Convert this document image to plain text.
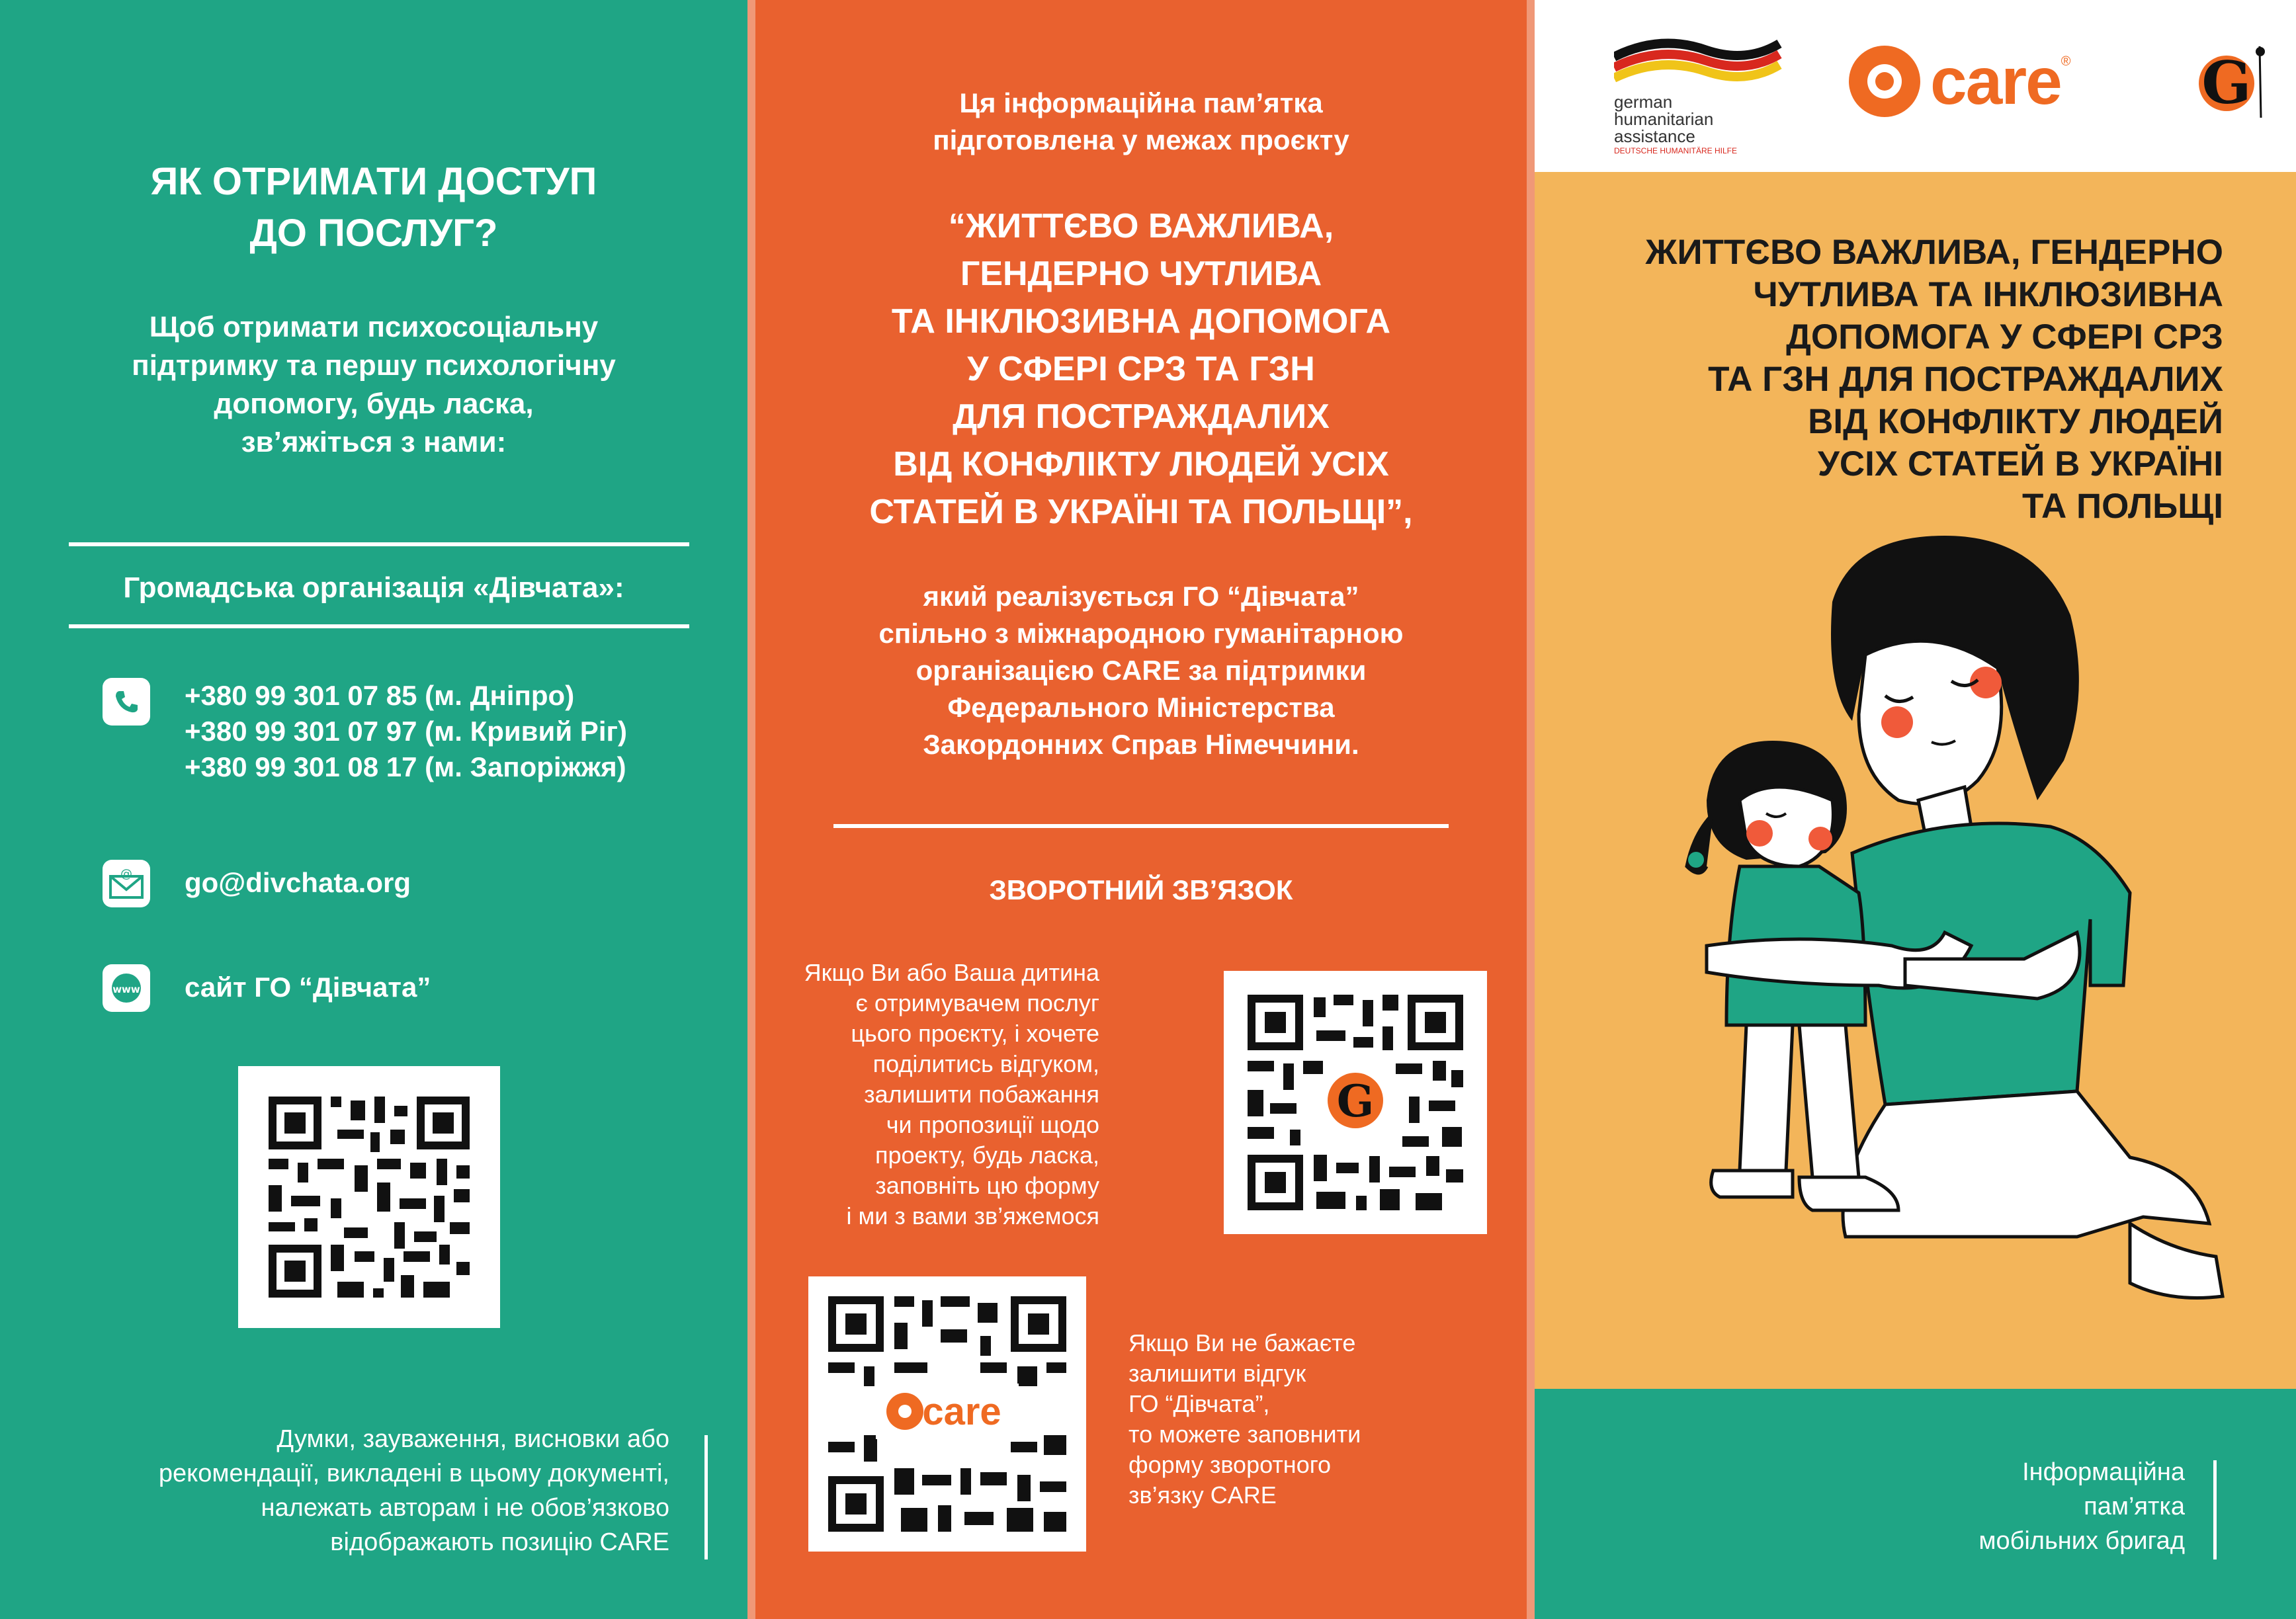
ЯК ОТРИМАТИ ДОСТУП
ДО ПОСЛУГ?
Щоб отримати психосоціальну
підтримку та першу психологічну
допомогу, будь ласка,
зв’яжіться з нами:
Громадська організація «Дівчата»:
+380 99 301 07 85 (м. Дніпро)
+380 99 301 07 97 (м. Кривий Ріг)
+380 99 301 08 17 (м. Запоріжжя)
@ go@divchata.org
www сайт ГО “Дівчата”
Думки, зауваження, висновки або
рекомендації, викладені в цьому документі,
належать авторам і не обов’язково
відображають позицію CARE
Ця інформаційна пам’ятка
підготовлена у межах проєкту
“ЖИТТЄВО ВАЖЛИВА,
ГЕНДЕРНО ЧУТЛИВА
ТА ІНКЛЮЗИВНА ДОПОМОГА
У СФЕРІ СРЗ ТА ГЗН
ДЛЯ ПОСТРАЖДАЛИХ
ВІД КОНФЛІКТУ ЛЮДЕЙ УСІХ
СТАТЕЙ В УКРАЇНІ ТА ПОЛЬЩІ”,
який реалізується ГО “Дівчата”
спільно з міжнародною гуманітарною
організацією CARE за підтримки
Федерального Міністерства
Закордонних Справ Німеччини.
ЗВОРОТНИЙ ЗВ’ЯЗОК
Якщо Ви або Ваша дитина
є отримувачем послуг
цього проєкту, і хочете
поділитись відгуком,
залишити побажання
чи пропозиції щодо
проекту, будь ласка,
заповніть цю форму
і ми з вами зв’яжемося
G
care
Якщо Ви не бажаєте
залишити відгук
ГО “Дівчата”,
то можете заповнити
форму зворотного
зв’язку CARE
german
humanitarian
assistance
DEUTSCHE HUMANITÄRE HILFE
care ® G
ЖИТТЄВО ВАЖЛИВА, ГЕНДЕРНО
ЧУТЛИВА ТА ІНКЛЮЗИВНА
ДОПОМОГА У СФЕРІ СРЗ
ТА ГЗН ДЛЯ ПОСТРАЖДАЛИХ
ВІД КОНФЛІКТУ ЛЮДЕЙ
УСІХ СТАТЕЙ В УКРАЇНІ
ТА ПОЛЬЩІ
Інформаційна
пам’ятка
мобільних бригад
